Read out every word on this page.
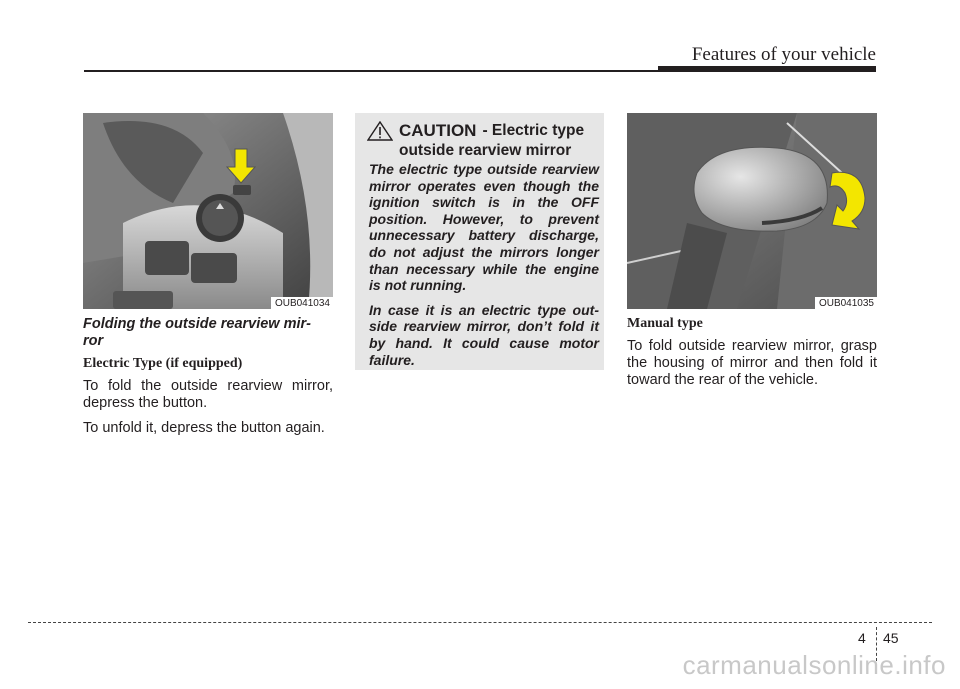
Features of your vehicle
OUB041034

Folding the outside rearview mir- ror

Electric Type (if equipped)

To fold the outside rearview mirror, depress the button.

To unfold it, depress the button again.

CAUTION - Electric type
outside rearview mirror

The electric type outside rearview mirror operates even though the ignition switch is in the OFF position. However, to prevent unnecessary battery discharge, do not adjust the mirrors longer than necessary while the engine is not running.

In case it is an electric type out- side rearview mirror, don’t fold it by hand. It could cause motor failure.

OUB041035

Manual type

To fold outside rearview mirror, grasp the housing of mirror and then fold it toward the rear of the vehicle.

4 45
carmanualsonline.info
